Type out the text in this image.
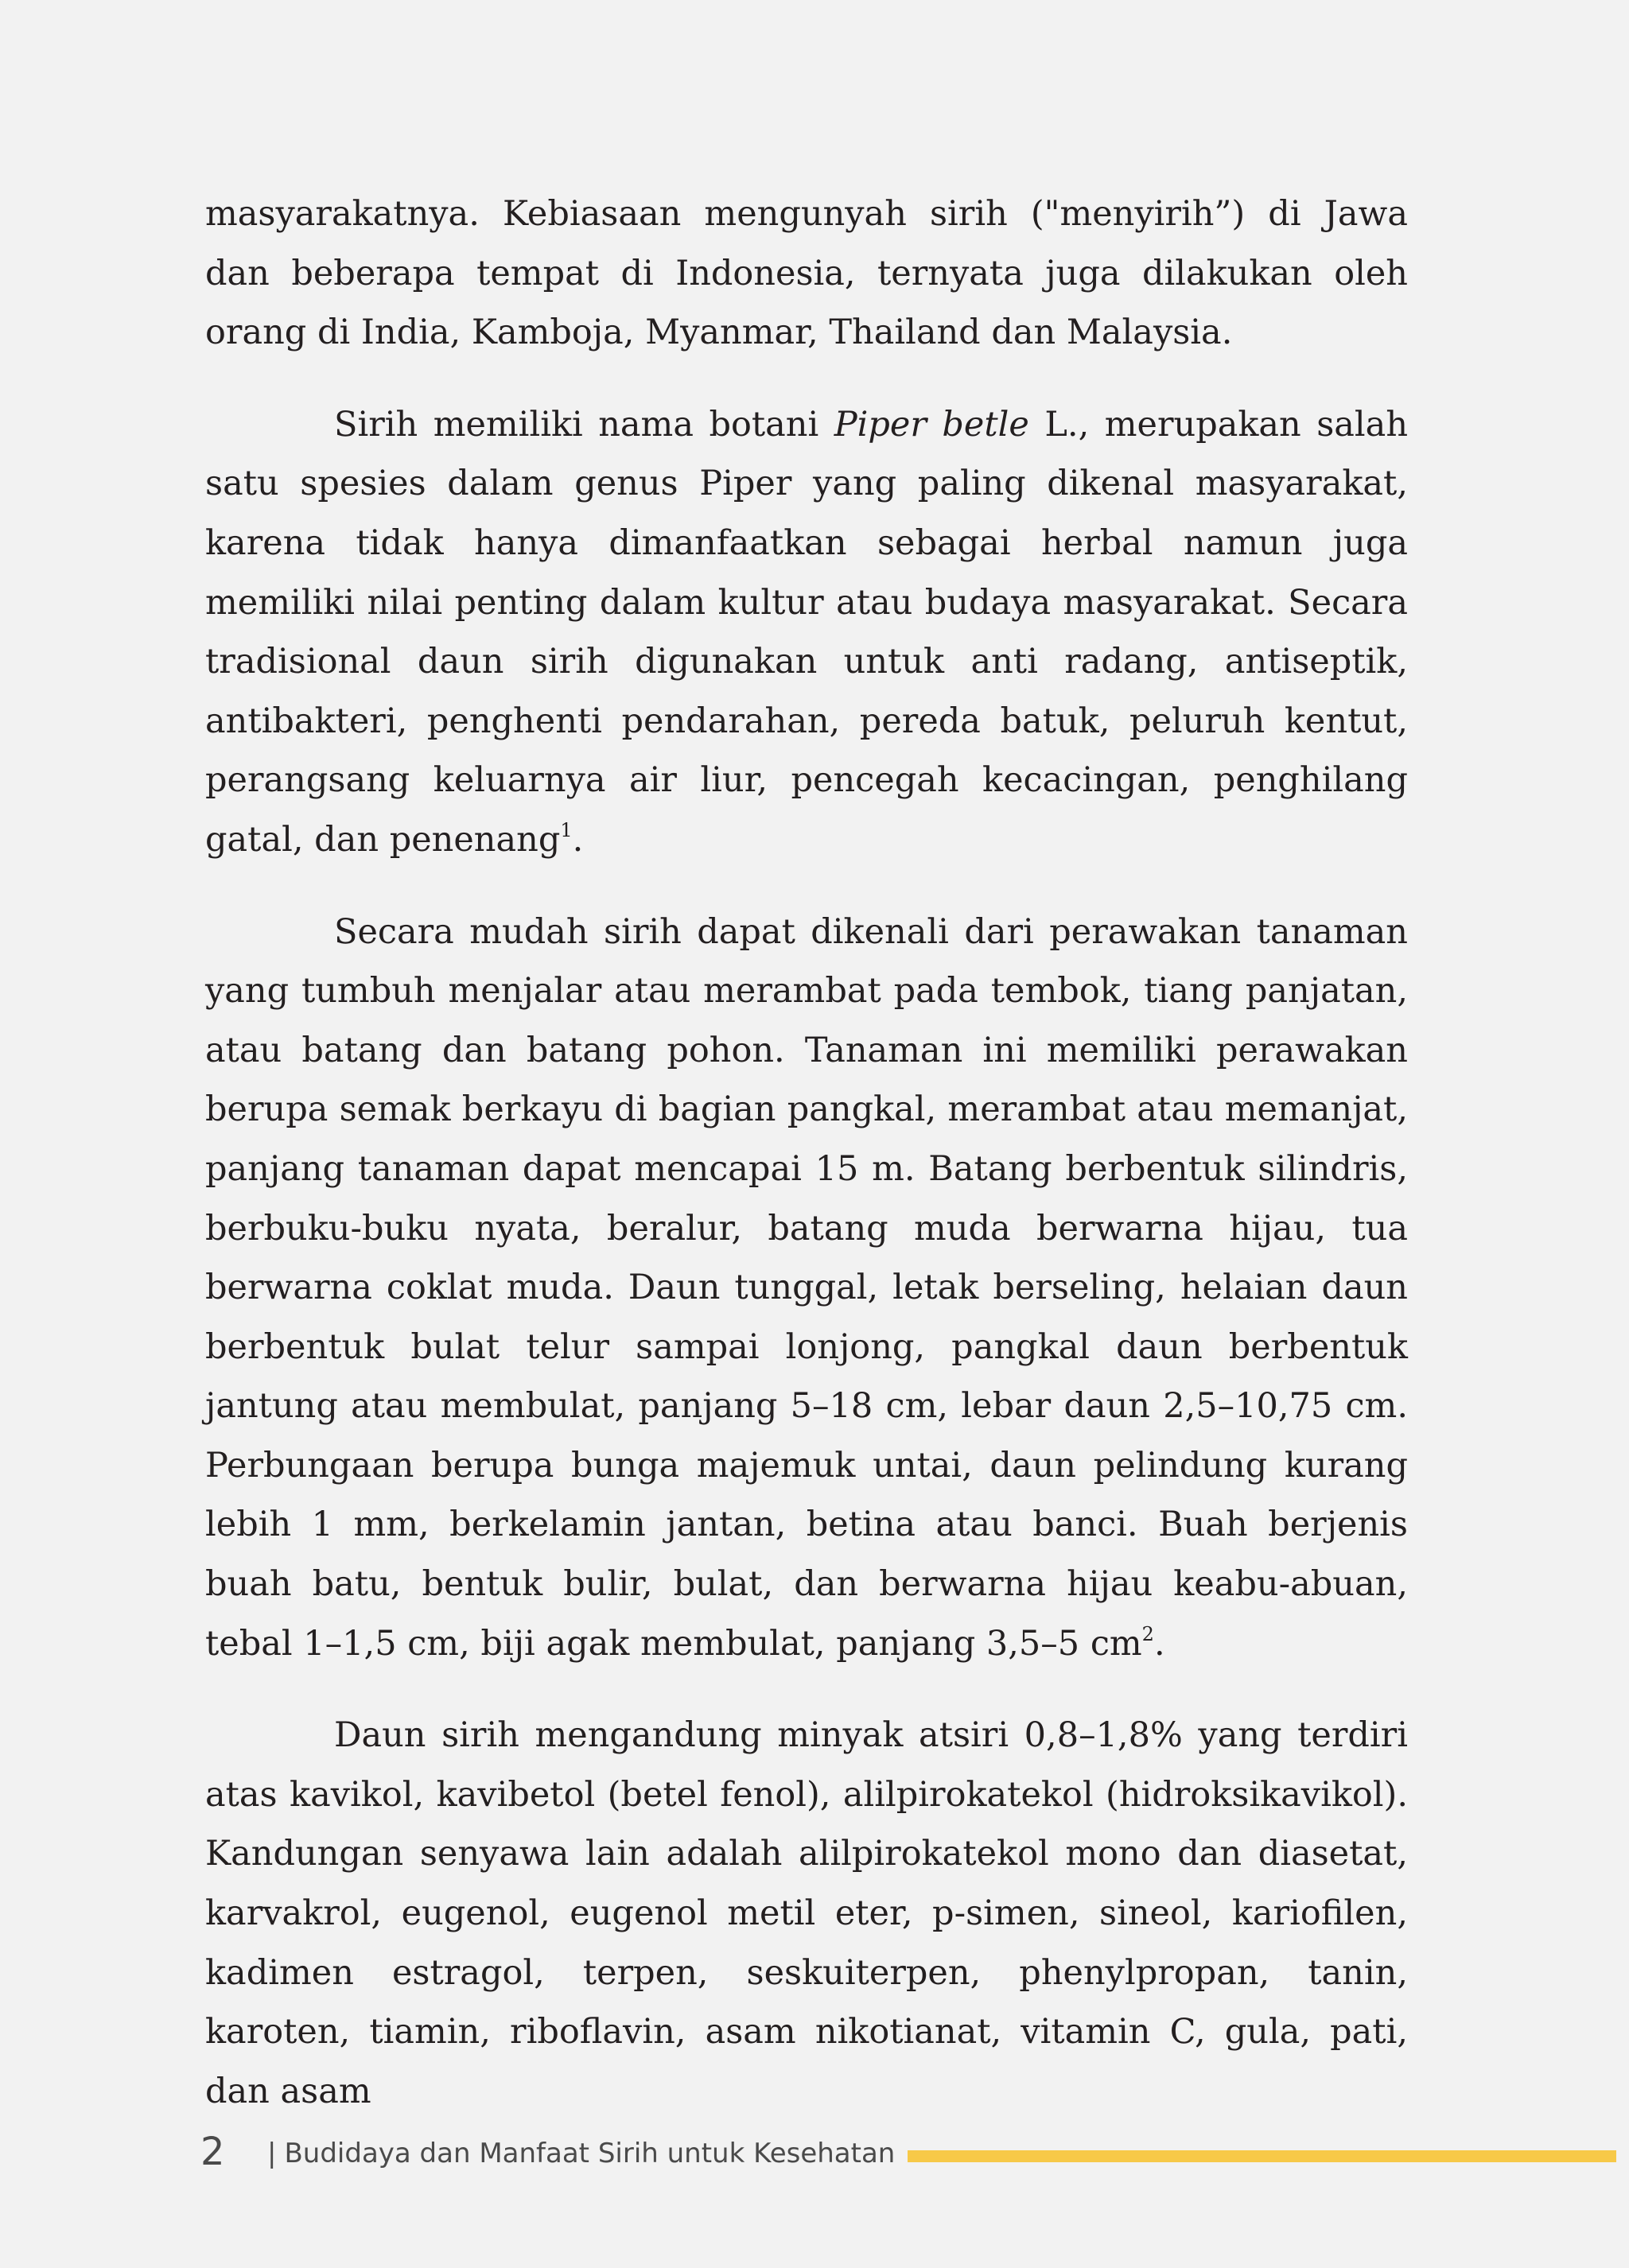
masyarakatnya. Kebiasaan mengunyah sirih ("menyirih”) di Jawa dan beberapa tempat di Indonesia, ternyata juga dilakukan oleh orang di India, Kamboja, Myanmar, Thailand dan Malaysia.

Sirih memiliki nama botani Piper betle L., merupakan salah satu spesies dalam genus Piper yang paling dikenal masyarakat, karena tidak hanya dimanfaatkan sebagai herbal namun juga memiliki nilai penting dalam kultur atau budaya masyarakat. Secara tradisional daun sirih digunakan untuk anti radang, antiseptik, antibakteri, penghenti pendarahan, pereda batuk, peluruh kentut, perangsang keluarnya air liur, pencegah kecacingan, penghilang gatal, dan penenang$^1$.

Secara mudah sirih dapat dikenali dari perawakan tanaman yang tumbuh menjalar atau merambat pada tembok, tiang panjatan, atau batang dan batang pohon. Tanaman ini memiliki perawakan berupa semak berkayu di bagian pangkal, merambat atau memanjat, panjang tanaman dapat mencapai 15 m. Batang berbentuk silindris, berbuku-buku nyata, beralur, batang muda berwarna hijau, tua berwarna coklat muda. Daun tunggal, letak berseling, helaian daun berbentuk bulat telur sampai lonjong, pangkal daun berbentuk jantung atau membulat, panjang 5–18 cm, lebar daun 2,5–10,75 cm. Perbungaan berupa bunga majemuk untai, daun pelindung kurang lebih 1 mm, berkelamin jantan, betina atau banci. Buah berjenis buah batu, bentuk bulir, bulat, dan berwarna hijau keabu-abuan, tebal 1–1,5 cm, biji agak membulat, panjang 3,5–5 $cm^2$.

Daun sirih mengandung minyak atsiri 0,8–1,8% yang terdiri atas kavikol, kavibetol (betel fenol), alilpirokatekol (hidroksikavikol). Kandungan senyawa lain adalah alilpirokatekol mono dan diasetat, karvakrol, eugenol, eugenol metil eter, p-simen, sineol, kariofilen, kadimen estragol, terpen, seskuiterpen, phenylpropan, tanin, karoten, tiamin, riboflavin, asam nikotianat, vitamin C, gula, pati, dan asam

2 | Budidaya dan Manfaat Sirih untuk Kesehatan
